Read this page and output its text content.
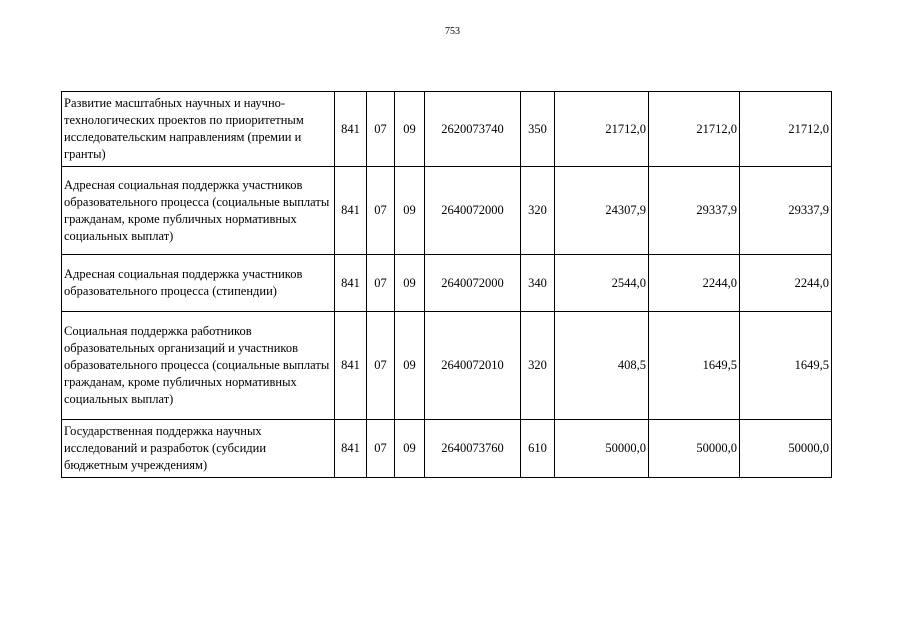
753
Развитие масштабных научных и научно-технологических проектов по приоритетным исследовательским направлениям (премии и гранты)	841	07	09	2620073740	350	21712,0	21712,0	21712,0
Адресная социальная поддержка участников образовательного процесса (социальные выплаты гражданам, кроме публичных нормативных социальных выплат)	841	07	09	2640072000	320	24307,9	29337,9	29337,9
Адресная социальная поддержка участников образовательного процесса (стипендии)	841	07	09	2640072000	340	2544,0	2244,0	2244,0
Социальная поддержка работников образовательных организаций и участников образовательного процесса (социальные выплаты гражданам, кроме публичных нормативных социальных выплат)	841	07	09	2640072010	320	408,5	1649,5	1649,5
Государственная поддержка научных исследований и разработок (субсидии бюджетным учреждениям)	841	07	09	2640073760	610	50000,0	50000,0	50000,0
